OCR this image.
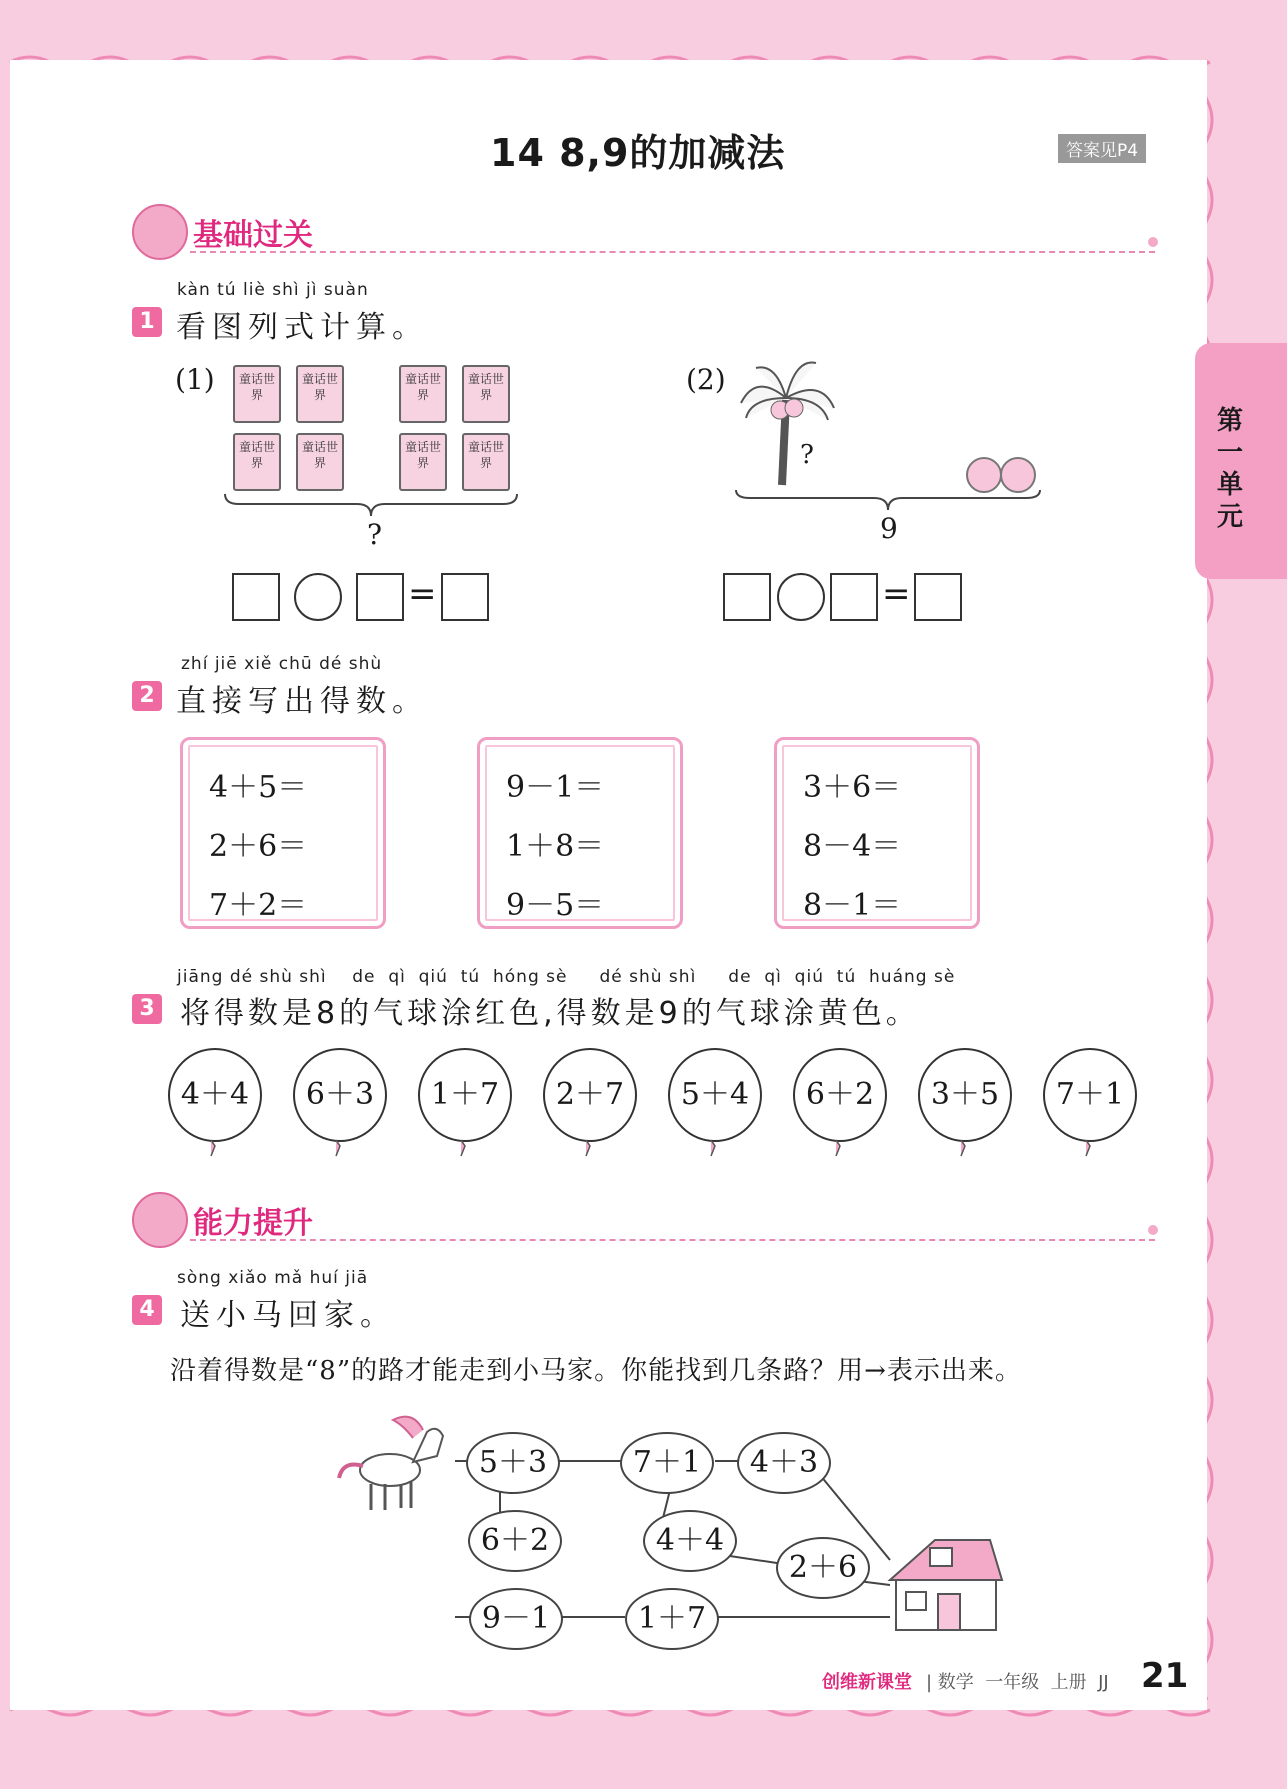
14 8,9的加减法	答案见P4
第一单元
基础过关
kàn tú liè shì jì suàn
1 看图列式计算。
(1)	童话世界
童话世界
童话世界
童话世界
童话世界
童话世界
童话世界
童话世界
?
=
(2)
?
9
=
zhí jiē xiě chū dé shù
2 直接写出得数。
4＋5＝
2＋6＝
7＋2＝
9－1＝
1＋8＝
9－5＝
3＋6＝
8－4＝
8－1＝
jiāng dé shù shì    de  qì  qiú  tú  hóng sè     dé shù shì     de  qì  qiú  tú  huáng sè
3 将得数是8的气球涂红色,得数是9的气球涂黄色。
4＋4	6＋3	1＋7	2＋7	5＋4	6＋2	3＋5	7＋1
能力提升
sòng xiǎo mǎ huí jiā
4 送小马回家。
沿着得数是“8”的路才能走到小马家。你能找到几条路？用→表示出来。
5＋3	7＋1	4＋3
6＋2	4＋4
2＋6
9－1	1＋7
创维新课堂 | 数学  一年级  上册  JJ 21
